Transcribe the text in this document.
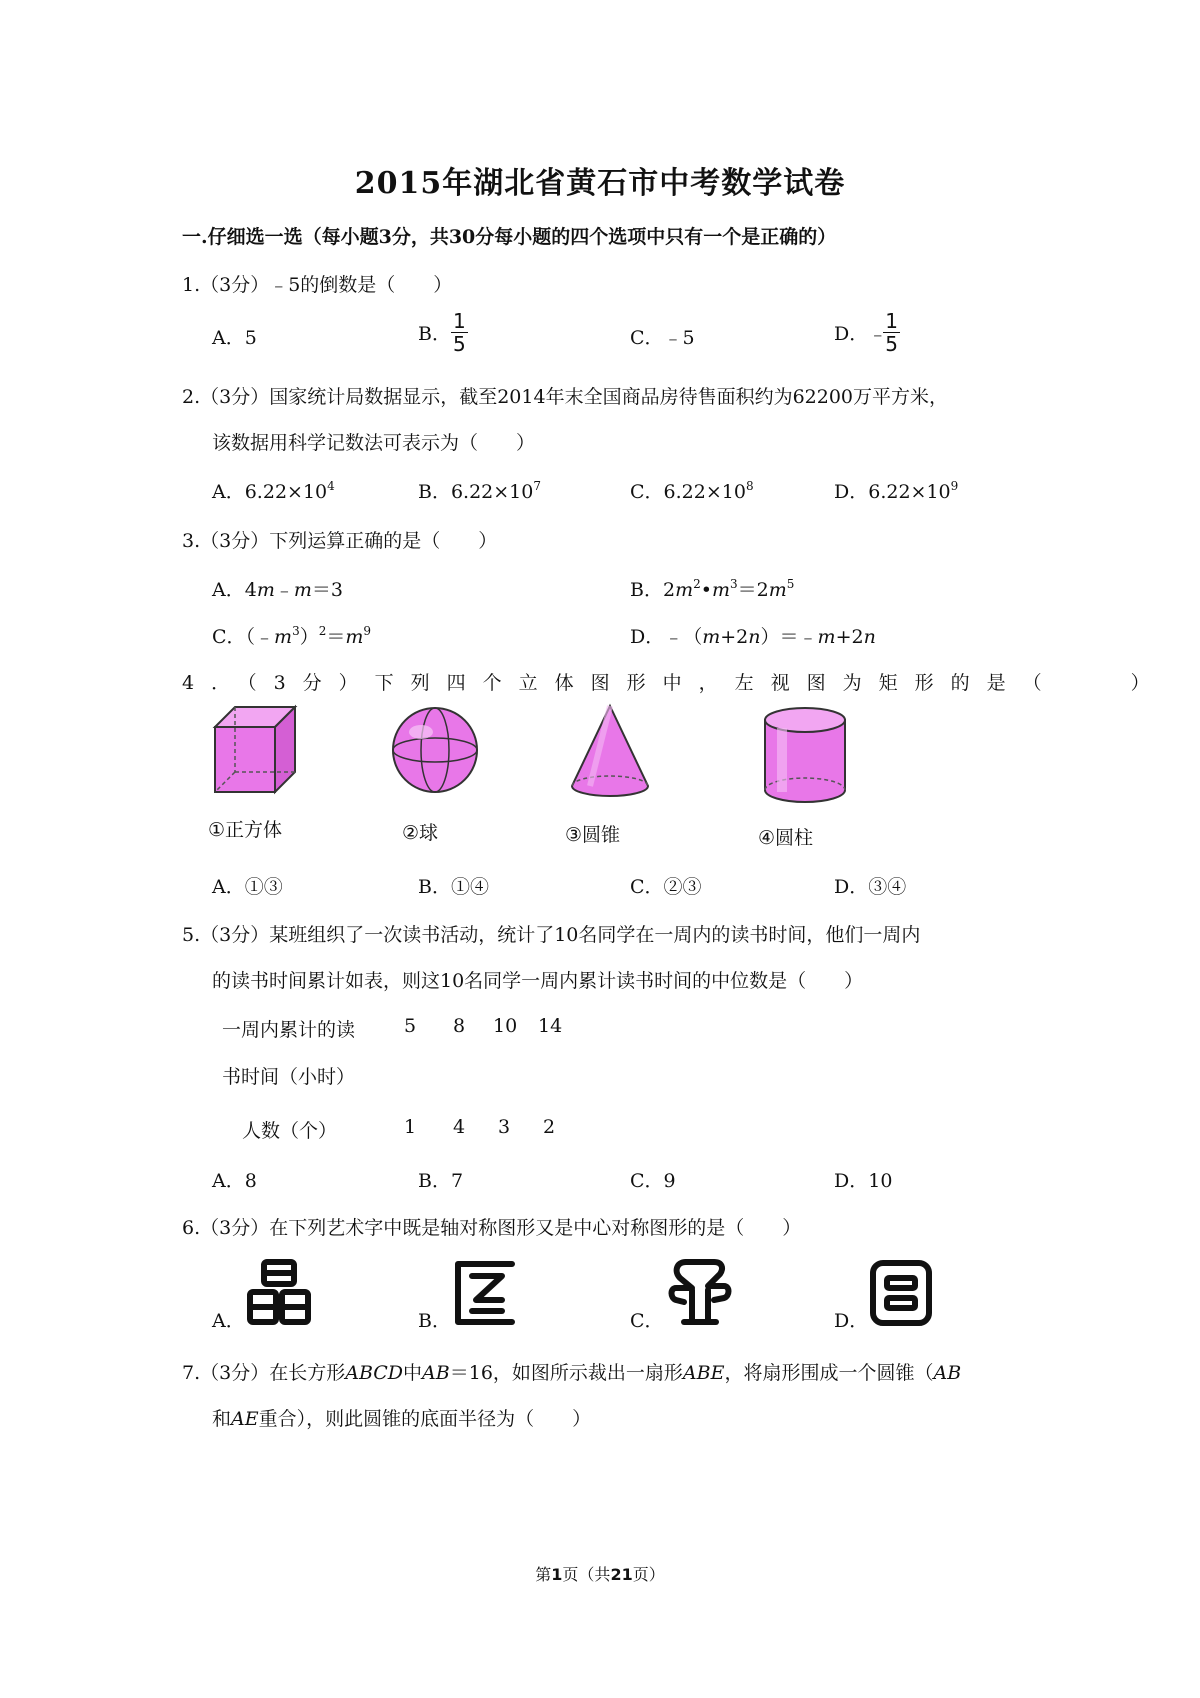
2015年湖北省黄石市中考数学试卷
一.仔细选一选（每小题3分，共30分每小题的四个选项中只有一个是正确的）
1.（3分）﹣5的倒数是（　　）
A．5	B． $\frac{1}{5}$	C．﹣5	D．﹣
$\frac{1}{5}$
2.（3分）国家统计局数据显示，截至2014年末全国商品房待售面积约为62200万平方米，
该数据用科学记数法可表示为（　　）
A．$6.22\times 10^4$	B．$6.22\times 10^7$	C．$6.22\times 10^8$	D．$6.22\times 10^9$
3.（3分）下列运算正确的是（　　）
A．4m﹣m＝3	B．$2m^2•m^3=2m^5$
C．$(﹣m^3)^2=m^9$	D．﹣（m+2n）＝﹣m+2n
4．（3分）下列四个立体图形中，左视图为矩形的是（　　）
①正方体	②球	③圆锥	④圆柱
A．①③	B．①④	C．②③	D．③④
5.（3分）某班组织了一次读书活动，统计了10名同学在一周内的读书时间，他们一周内
的读书时间累计如表，则这10名同学一周内累计读书时间的中位数是（　　）
一周内累计的读
书时间（小时）
5 8 10 14
人数（个）	1 4 3 2
A．8	B．7	C．9	D．10
6.（3分）在下列艺术字中既是轴对称图形又是中心对称图形的是（　　）
A．	B．	C．	D．
7.（3分）在长方形ABCD中AB＝16，如图所示裁出一扇形ABE，将扇形围成一个圆锥（AB
和AE重合），则此圆锥的底面半径为（　　）
第1页（共21页）
